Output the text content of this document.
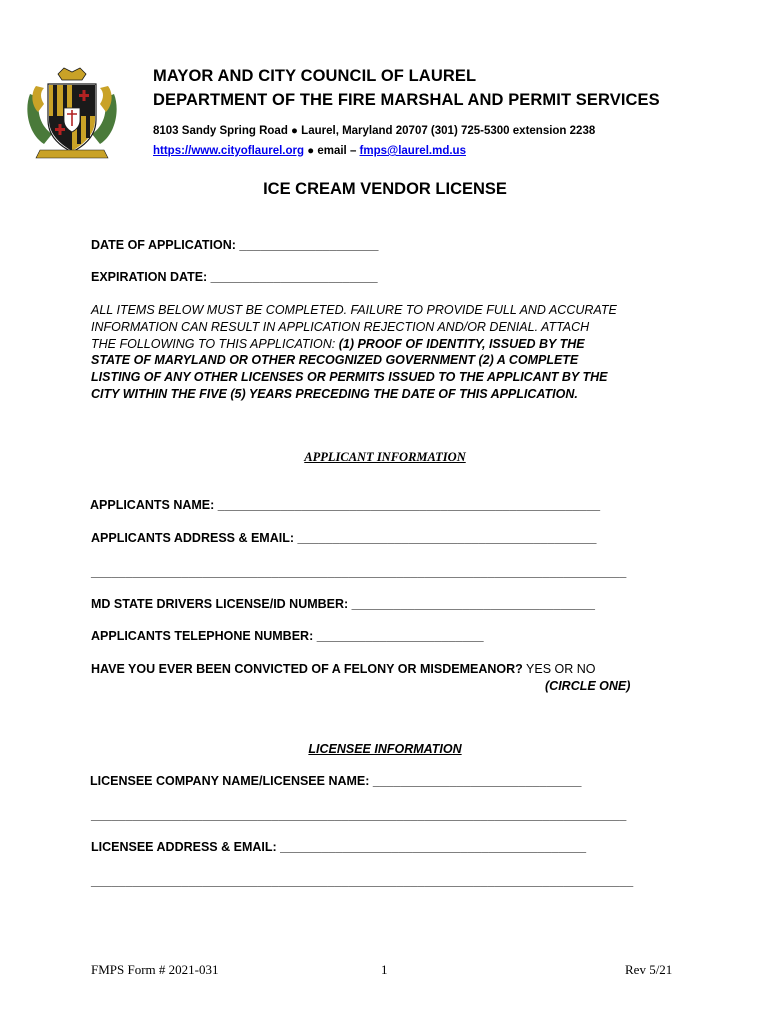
MAYOR AND CITY COUNCIL OF LAUREL
DEPARTMENT OF THE FIRE MARSHAL AND PERMIT SERVICES
8103 Sandy Spring Road ● Laurel, Maryland 20707 (301) 725-5300 extension 2238
https://www.cityoflaurel.org ● email – fmps@laurel.md.us
ICE CREAM VENDOR LICENSE
DATE OF APPLICATION: ____________________
EXPIRATION DATE: ________________________
ALL ITEMS BELOW MUST BE COMPLETED. FAILURE TO PROVIDE FULL AND ACCURATE
INFORMATION CAN RESULT IN APPLICATION REJECTION AND/OR DENIAL. ATTACH
THE FOLLOWING TO THIS APPLICATION: (1) PROOF OF IDENTITY, ISSUED BY THE
STATE OF MARYLAND OR OTHER RECOGNIZED GOVERNMENT (2) A COMPLETE
LISTING OF ANY OTHER LICENSES OR PERMITS ISSUED TO THE APPLICANT BY THE
CITY WITHIN THE FIVE (5) YEARS PRECEDING THE DATE OF THIS APPLICATION.
APPLICANT INFORMATION
APPLICANTS NAME: _______________________________________________________
APPLICANTS ADDRESS & EMAIL: ___________________________________________
_____________________________________________________________________________
MD STATE DRIVERS LICENSE/ID NUMBER: ___________________________________
APPLICANTS TELEPHONE NUMBER: ________________________
HAVE YOU EVER BEEN CONVICTED OF A FELONY OR MISDEMEANOR? YES OR NO
(CIRCLE ONE)
LICENSEE INFORMATION
LICENSEE COMPANY NAME/LICENSEE NAME: ______________________________
_____________________________________________________________________________
LICENSEE ADDRESS & EMAIL: ____________________________________________
______________________________________________________________________________
FMPS Form # 2021-031	1	Rev 5/21
